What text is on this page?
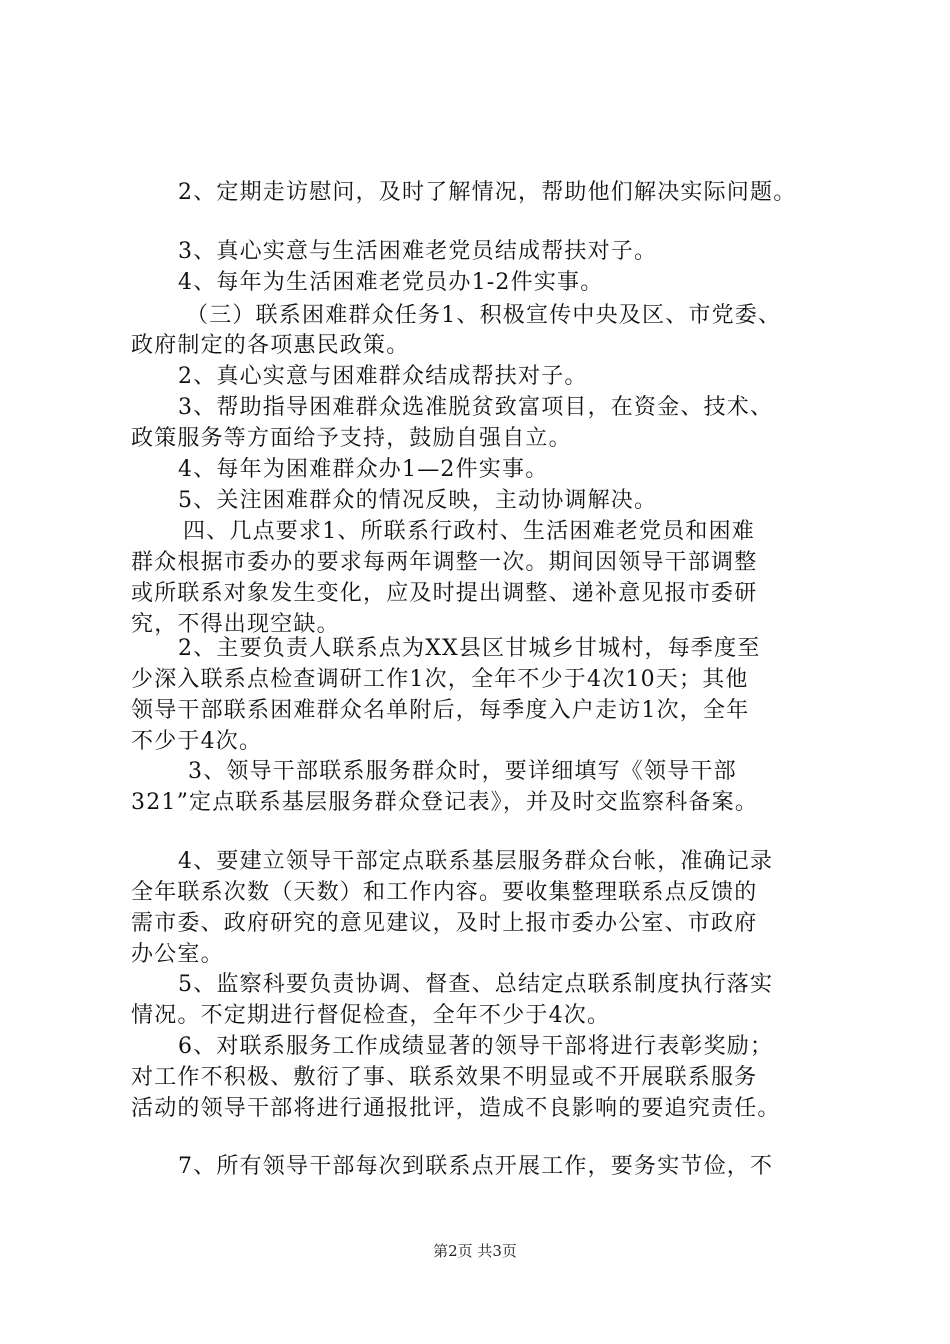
2、定期走访慰问，及时了解情况，帮助他们解决实际问题。

3、真心实意与生活困难老党员结成帮扶对子。

4、每年为生活困难老党员办1-2件实事。

（三）联系困难群众任务1、积极宣传中央及区、市党委、

政府制定的各项惠民政策。

2、真心实意与困难群众结成帮扶对子。

3、帮助指导困难群众选准脱贫致富项目，在资金、技术、

政策服务等方面给予支持，鼓励自强自立。

4、每年为困难群众办1—2件实事。

5、关注困难群众的情况反映，主动协调解决。

四、几点要求1、所联系行政村、生活困难老党员和困难

群众根据市委办的要求每两年调整一次。期间因领导干部调整

或所联系对象发生变化，应及时提出调整、递补意见报市委研

究，不得出现空缺。

2、主要负责人联系点为XX县区甘城乡甘城村，每季度至

少深入联系点检查调研工作1次，全年不少于4次10天；其他

领导干部联系困难群众名单附后，每季度入户走访1次，全年

不少于4次。

3、领导干部联系服务群众时，要详细填写《领导干部

321”定点联系基层服务群众登记表》，并及时交监察科备案。

4、要建立领导干部定点联系基层服务群众台帐，准确记录

全年联系次数（天数）和工作内容。要收集整理联系点反馈的

需市委、政府研究的意见建议，及时上报市委办公室、市政府

办公室。

5、监察科要负责协调、督查、总结定点联系制度执行落实

情况。不定期进行督促检查，全年不少于4次。

6、对联系服务工作成绩显著的领导干部将进行表彰奖励；

对工作不积极、敷衍了事、联系效果不明显或不开展联系服务

活动的领导干部将进行通报批评，造成不良影响的要追究责任。

7、所有领导干部每次到联系点开展工作，要务实节俭，不

第2页 共3页
